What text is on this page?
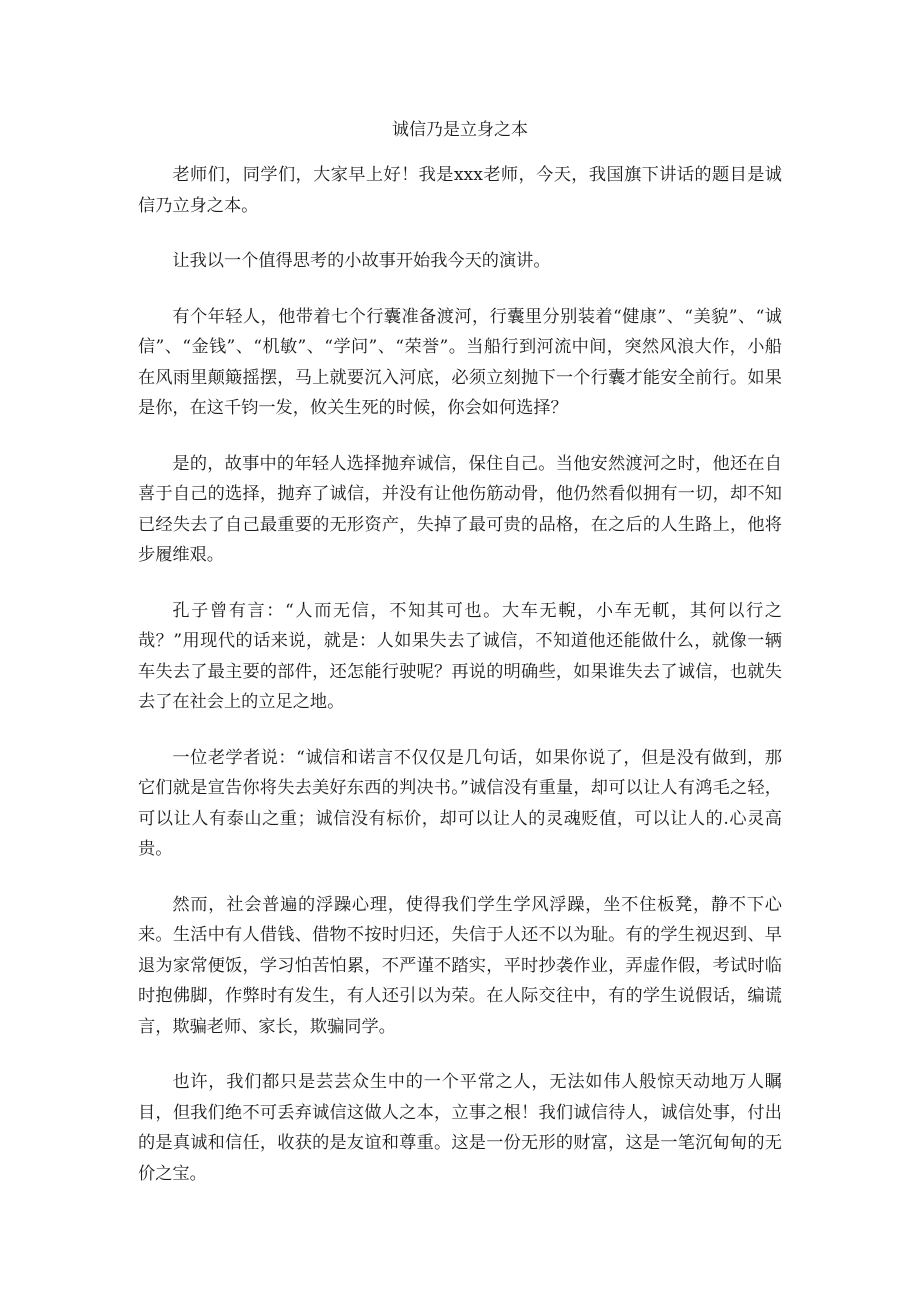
诚信乃是立身之本

老师们，同学们，大家早上好！我是xxx老师，今天，我国旗下讲话的题目是诚信乃立身之本。

让我以一个值得思考的小故事开始我今天的演讲。

有个年轻人，他带着七个行囊准备渡河，行囊里分别装着“健康”、“美貌”、“诚信”、“金钱”、“机敏”、“学问”、“荣誉”。当船行到河流中间，突然风浪大作，小船在风雨里颠簸摇摆，马上就要沉入河底，必须立刻抛下一个行囊才能安全前行。如果是你，在这千钧一发，攸关生死的时候，你会如何选择？

是的，故事中的年轻人选择抛弃诚信，保住自己。当他安然渡河之时，他还在自喜于自己的选择，抛弃了诚信，并没有让他伤筋动骨，他仍然看似拥有一切，却不知已经失去了自己最重要的无形资产，失掉了最可贵的品格，在之后的人生路上，他将步履维艰。

孔子曾有言：“人而无信，不知其可也。大车无輗，小车无軏，其何以行之哉？”用现代的话来说，就是：人如果失去了诚信，不知道他还能做什么，就像一辆车失去了最主要的部件，还怎能行驶呢？再说的明确些，如果谁失去了诚信，也就失去了在社会上的立足之地。

一位老学者说：“诚信和诺言不仅仅是几句话，如果你说了，但是没有做到，那它们就是宣告你将失去美好东西的判决书。”诚信没有重量，却可以让人有鸿毛之轻，可以让人有泰山之重；诚信没有标价，却可以让人的灵魂贬值，可以让人的.心灵高贵。

然而，社会普遍的浮躁心理，使得我们学生学风浮躁，坐不住板凳，静不下心来。生活中有人借钱、借物不按时归还，失信于人还不以为耻。有的学生视迟到、早退为家常便饭，学习怕苦怕累，不严谨不踏实，平时抄袭作业，弄虚作假，考试时临时抱佛脚，作弊时有发生，有人还引以为荣。在人际交往中，有的学生说假话，编谎言，欺骗老师、家长，欺骗同学。

也许，我们都只是芸芸众生中的一个平常之人，无法如伟人般惊天动地万人瞩目，但我们绝不可丢弃诚信这做人之本，立事之根！我们诚信待人，诚信处事，付出的是真诚和信任，收获的是友谊和尊重。这是一份无形的财富，这是一笔沉甸甸的无价之宝。
